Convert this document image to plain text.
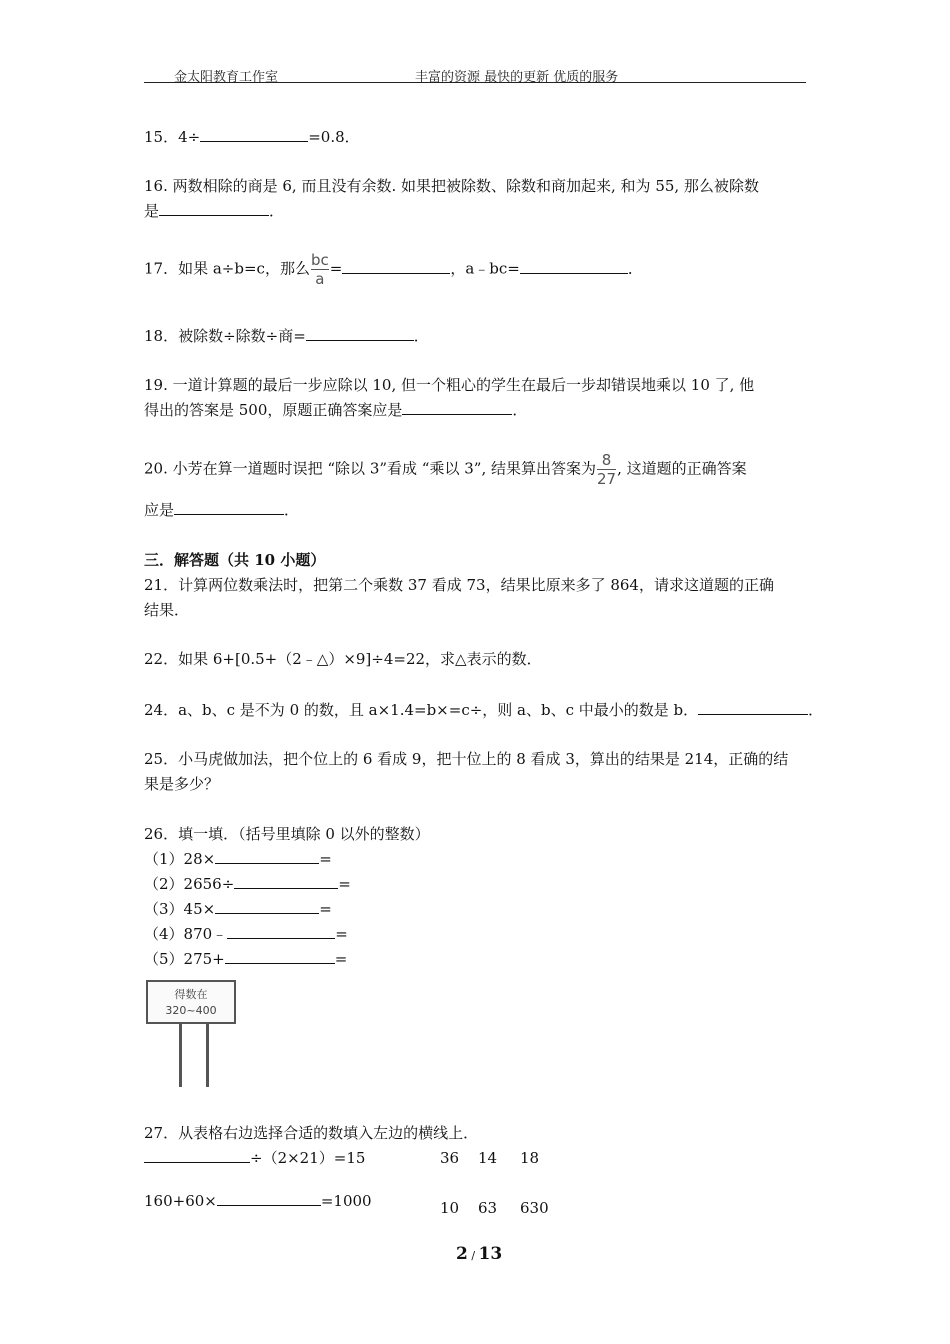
金太阳教育工作室	丰富的资源 最快的更新 优质的服务
15．4÷	=0.8．
16. 两数相除的商是 6, 而且没有余数. 如果把被除数、除数和商加起来, 和为 55, 那么被除数
是	．
17．如果 a÷b=c，那么 $\frac{bc}{a}$ =	，a﹣bc=	．
18．被除数÷除数÷商=	．
19. 一道计算题的最后一步应除以 10, 但一个粗心的学生在最后一步却错误地乘以 10 了, 他
得出的答案是 500，原题正确答案应是	．
20. 小芳在算一道题时误把 “除以 3”看成 “乘以 3”, 结果算出答案为 $\frac{8}{27}$ , 这道题的正确答案
应是	．
三．解答题（共 10 小题）
21．计算两位数乘法时，把第二个乘数 37 看成 73，结果比原来多了 864，请求这道题的正确
结果．
22．如果 6+[0.5+（2﹣△）×9]÷4=22，求△表示的数．
24．a、b、c 是不为 0 的数，且 a×1.4=b×=c÷，则 a、b、c 中最小的数是 b．	．
25．小马虎做加法，把个位上的 6 看成 9，把十位上的 8 看成 3，算出的结果是 214，正确的结
果是多少？
26．填一填．（括号里填除 0 以外的整数）
（1）28×	=
（2）2656÷	=
（3）45×	=
（4）870﹣	=
（5）275+	=
得数在
320~400
27．从表格右边选择合适的数填入左边的横线上．
÷（2×21）=15
160+60×	=1000
36 14 18
10 63 630
2 / 13
